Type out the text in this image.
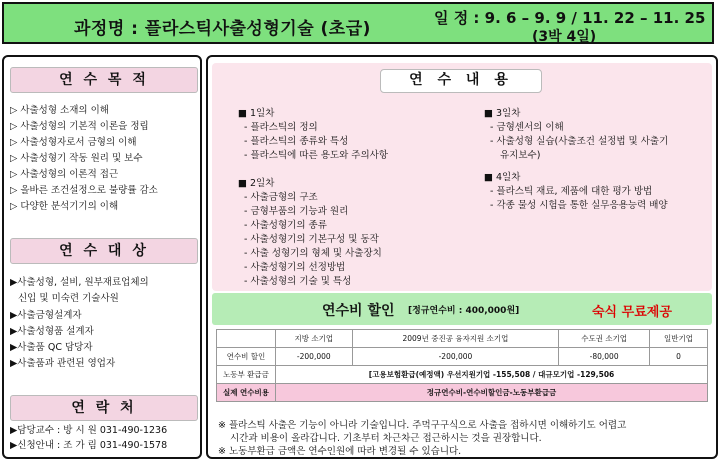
과정명 : 플라스틱사출성형기술 (초급)
일 정 : 9. 6 – 9. 9 / 11. 22 – 11. 25
(3박 4일)
연 수 목 적
▷ 사출성형 소재의 이해
▷ 사출성형의 기본적 이론을 정립
▷ 사출성형자로서 금형의 이해
▷ 사출성형기 작동 원리 및 보수
▷ 사출성형의 이론적 접근
▷ 올바른 조건설정으로 불량률 감소
▷ 다양한 분석기기의 이해
연 수 대 상
▶사출성형, 설비, 원부재료업체의
신입 및 미숙련 기술사원
▶사출금형설계자
▶사출성형품 설계자
▶사출품 QC 담당자
▶사출품과 관련된 영업자
연 락 처
▶담당교수 : 방 시 원 031-490-1236
▶신청안내 : 조 가 림 031-490-1578
연 수 내 용
■ 1일차
- 플라스틱의 정의
- 플라스틱의 종류와 특성
- 플라스틱에 따른 용도와 주의사항
■ 2일차
- 사출금형의 구조
- 금형부품의 기능과 원리
- 사출성형기의 종류
- 사출성형기의 기본구성 및 동작
- 사출 성형기의 형체 및 사출장치
- 사출성형기의 선정방법
- 사출성형의 기술 및 특성
■ 3일차
- 금형센서의 이해
- 사출성형 실습(사출조건 설정법 및 사출기
유지보수)
■ 4일차
- 플라스틱 재료, 제품에 대한 평가 방법
- 각종 물성 시험을 통한 실무응용능력 배양
연수비 할인 [정규연수비 : 400,000원]	숙식 무료제공
	지방 소기업	2009년 중진공 융자지원 소기업	수도권 소기업	일반기업
연수비 할인	-200,000	-200,000	-80,000	0
노동부 환급금	[고용보험환급(예정액) 우선지원기업 -155,508 / 대규모기업 -129,506			
실제 연수비용	정규연수비-연수비할인금-노동부환급금			
※ 플라스틱 사출은 기능이 아니라 기술입니다. 주먹구구식으로 사출을 접하시면 이해하기도 어렵고
시간과 비용이 올라갑니다. 기초부터 차근차근 접근하시는 것을 권장합니다.
※ 노동부환급 금액은 연수인원에 따라 변경될 수 있습니다.
